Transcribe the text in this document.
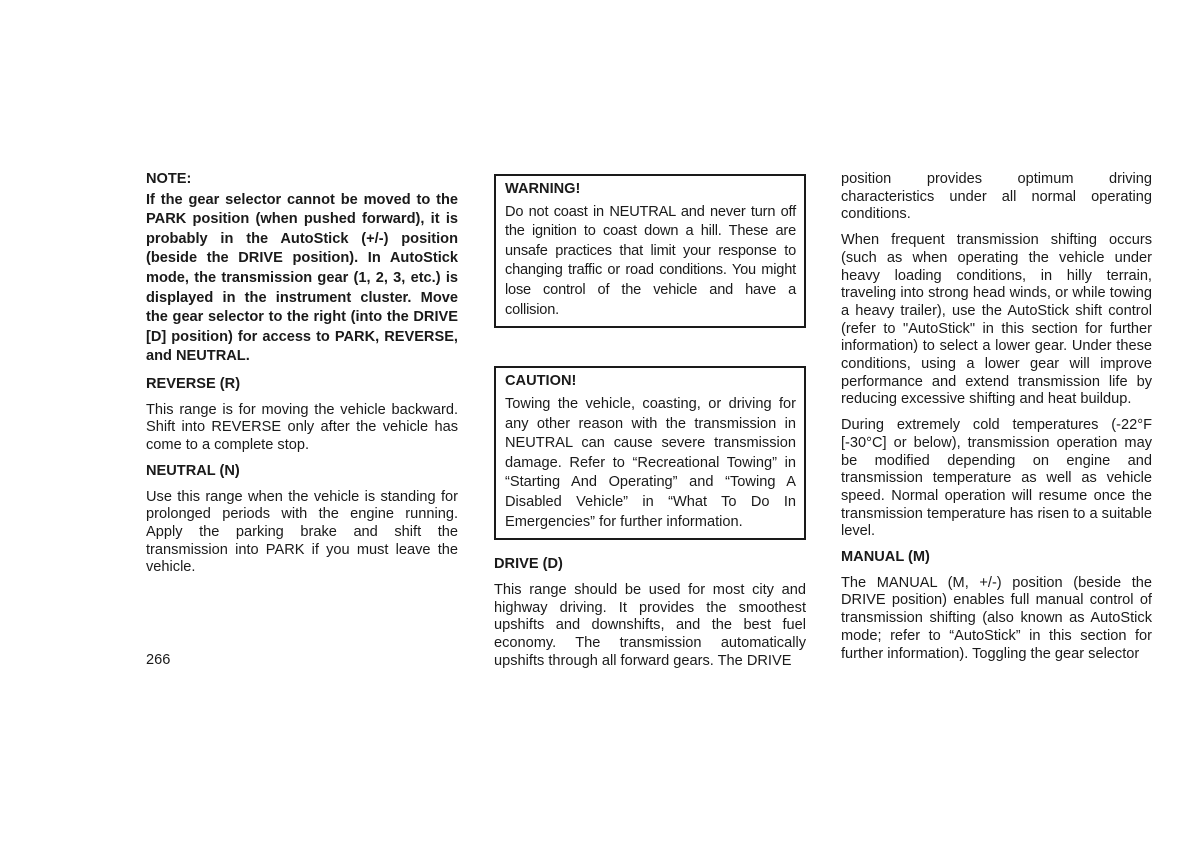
NOTE:

If the gear selector cannot be moved to the PARK position (when pushed forward), it is probably in the AutoStick (+/-) position (beside the DRIVE position). In AutoStick mode, the transmission gear (1, 2, 3, etc.) is displayed in the instrument cluster. Move the gear selector to the right (into the DRIVE [D] position) for access to PARK, REVERSE, and NEUTRAL.

REVERSE (R)

This range is for moving the vehicle backward. Shift into REVERSE only after the vehicle has come to a complete stop.

NEUTRAL (N)

Use this range when the vehicle is standing for prolonged periods with the engine running. Apply the parking brake and shift the transmission into PARK if you must leave the vehicle.

WARNING!

Do not coast in NEUTRAL and never turn off the ignition to coast down a hill. These are unsafe practices that limit your response to changing traffic or road conditions. You might lose control of the vehicle and have a collision.

CAUTION!

Towing the vehicle, coasting, or driving for any other reason with the transmission in NEUTRAL can cause severe transmission damage. Refer to “Recreational Towing” in “Starting And Operating” and “Towing A Disabled Vehicle” in “What To Do In Emergencies” for further information.

DRIVE (D)

This range should be used for most city and highway driving. It provides the smoothest upshifts and downshifts, and the best fuel economy. The transmission automatically upshifts through all forward gears. The DRIVE

position provides optimum driving characteristics under all normal operating conditions.

When frequent transmission shifting occurs (such as when operating the vehicle under heavy loading conditions, in hilly terrain, traveling into strong head winds, or while towing a heavy trailer), use the AutoStick shift control (refer to "AutoStick" in this section for further information) to select a lower gear. Under these conditions, using a lower gear will improve performance and extend transmission life by reducing excessive shifting and heat buildup.

During extremely cold temperatures (-22°F [-30°C] or below), transmission operation may be modified depending on engine and transmission temperature as well as vehicle speed. Normal operation will resume once the transmission temperature has risen to a suitable level.

MANUAL (M)

The MANUAL (M, +/-) position (beside the DRIVE position) enables full manual control of transmission shifting (also known as AutoStick mode; refer to “AutoStick” in this section for further information). Toggling the gear selector

266
